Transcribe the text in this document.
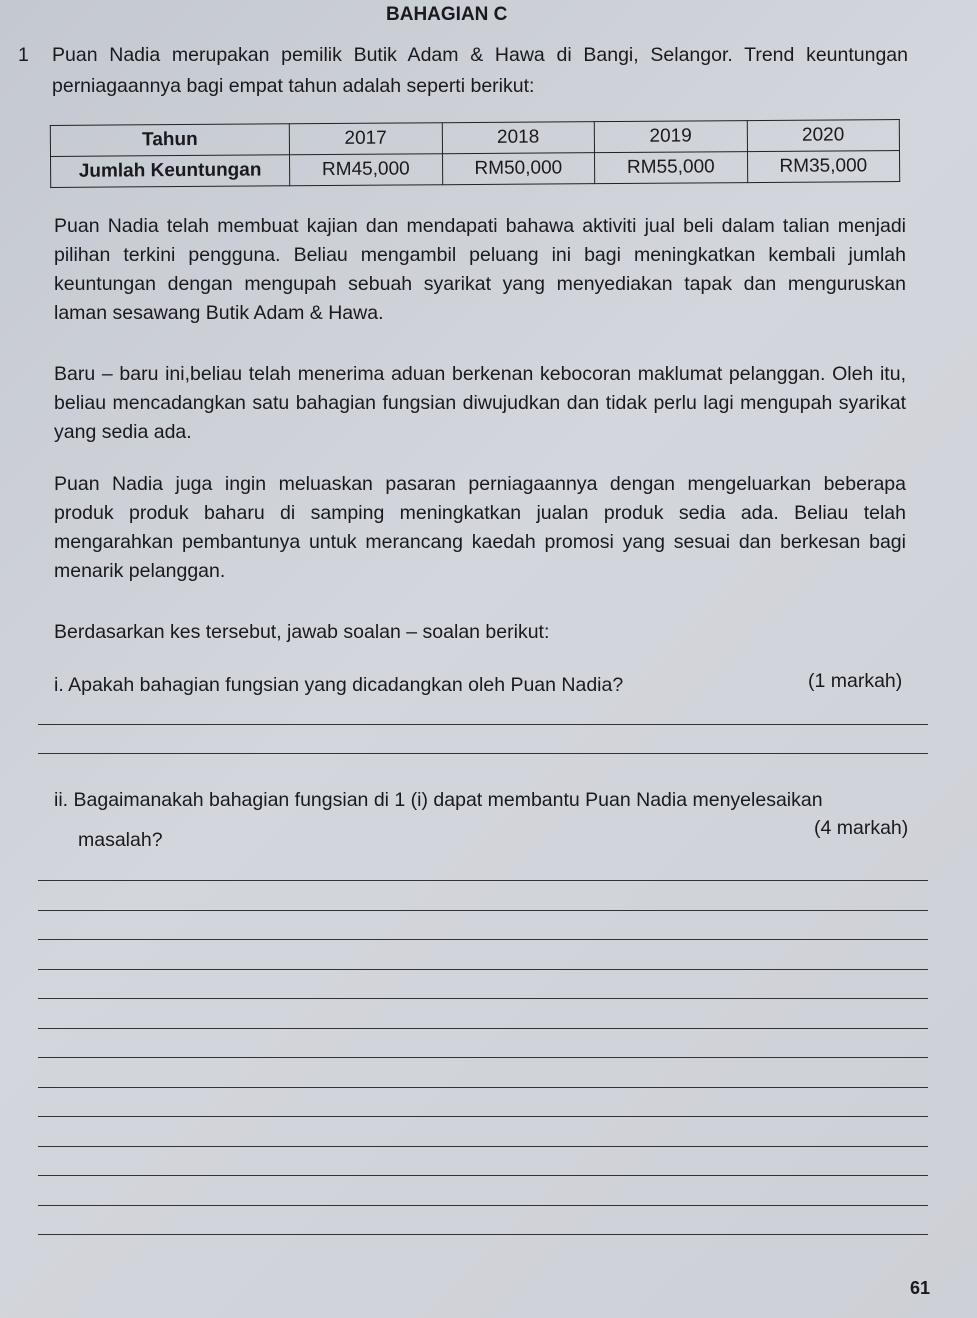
BAHAGIAN C
1 Puan Nadia merupakan pemilik Butik Adam & Hawa di Bangi, Selangor. Trend keuntungan perniagaannya bagi empat tahun adalah seperti berikut:
Tahun	2017	2018	2019	2020
Jumlah Keuntungan	RM45,000	RM50,000	RM55,000	RM35,000
Puan Nadia telah membuat kajian dan mendapati bahawa aktiviti jual beli dalam talian menjadi pilihan terkini pengguna. Beliau mengambil peluang ini bagi meningkatkan kembali jumlah keuntungan dengan mengupah sebuah syarikat yang menyediakan tapak dan menguruskan laman sesawang Butik Adam & Hawa.
Baru – baru ini,beliau telah menerima aduan berkenan kebocoran maklumat pelanggan. Oleh itu, beliau mencadangkan satu bahagian fungsian diwujudkan dan tidak perlu lagi mengupah syarikat yang sedia ada.
Puan Nadia juga ingin meluaskan pasaran perniagaannya dengan mengeluarkan beberapa produk produk baharu di samping meningkatkan jualan produk sedia ada. Beliau telah mengarahkan pembantunya untuk merancang kaedah promosi yang sesuai dan berkesan bagi menarik pelanggan.
Berdasarkan kes tersebut, jawab soalan – soalan berikut:
i. Apakah bahagian fungsian yang dicadangkan oleh Puan Nadia?	(1 markah)
ii. Bagaimanakah bahagian fungsian di 1 (i) dapat membantu Puan Nadia menyelesaikan
masalah?
(4 markah)
61
